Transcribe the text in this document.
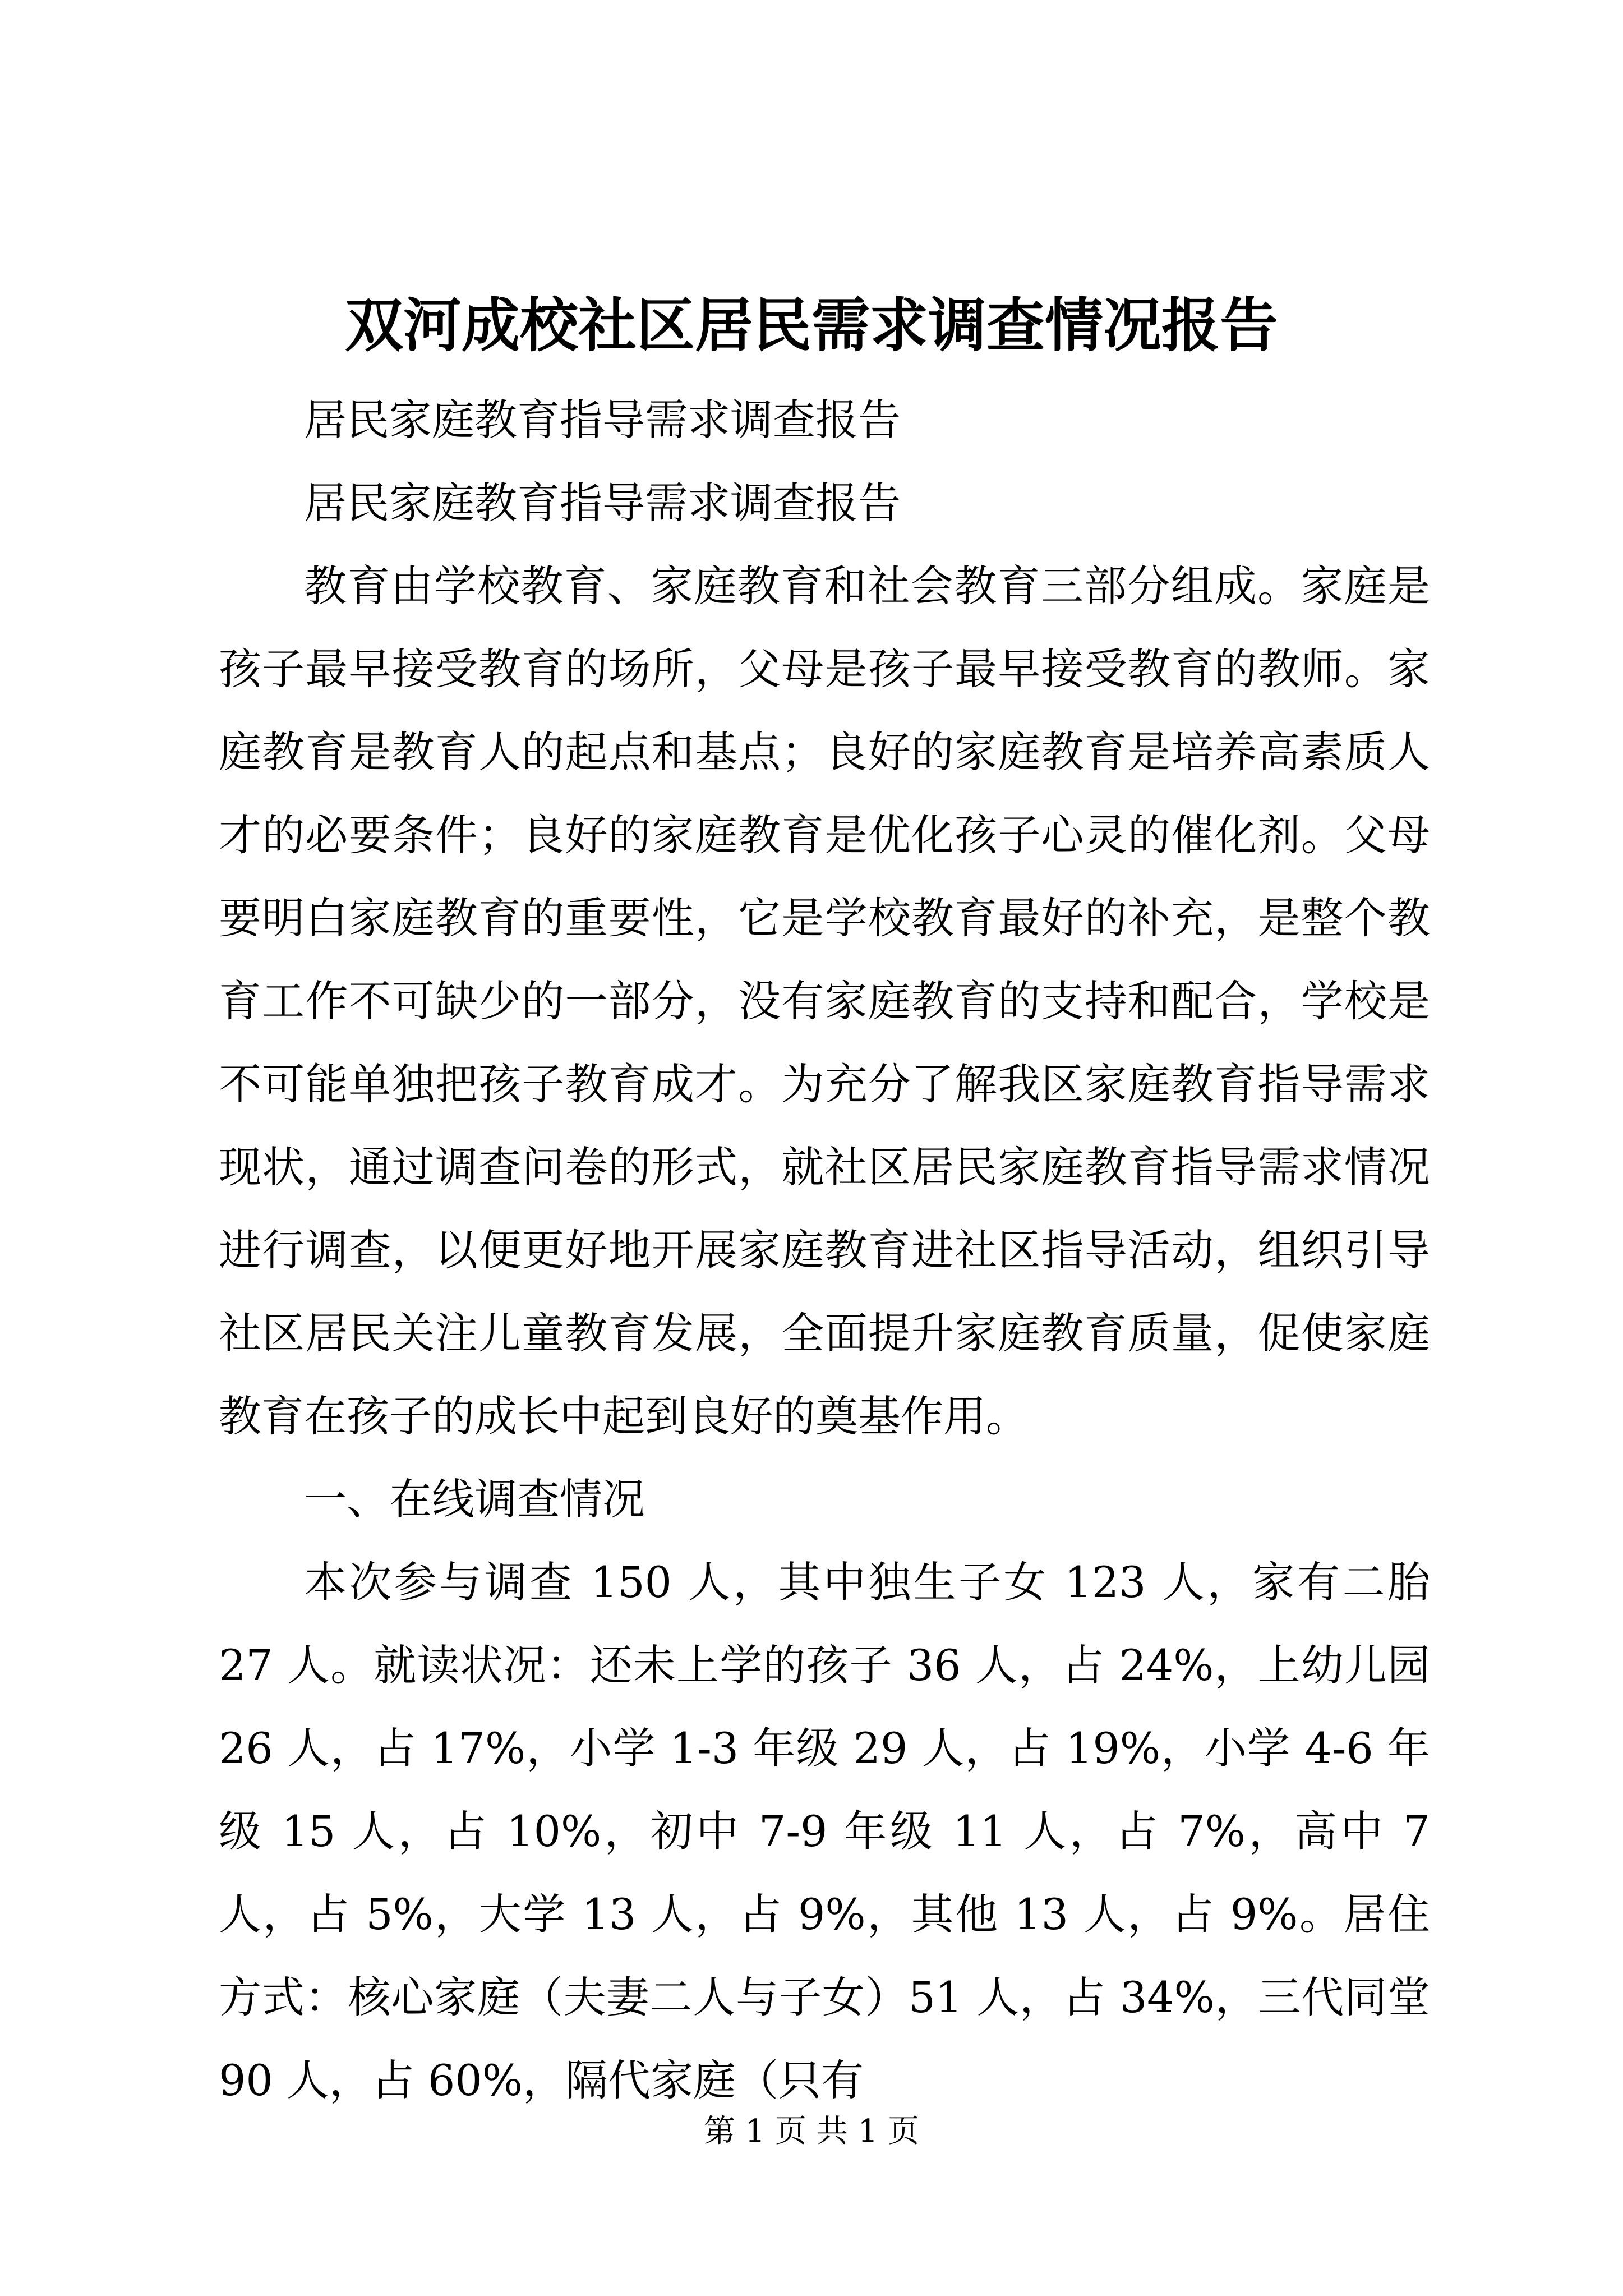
双河成校社区居民需求调查情况报告

居民家庭教育指导需求调查报告

居民家庭教育指导需求调查报告

教育由学校教育、家庭教育和社会教育三部分组成。家庭是孩子最早接受教育的场所，父母是孩子最早接受教育的教师。家庭教育是教育人的起点和基点；良好的家庭教育是培养高素质人才的必要条件；良好的家庭教育是优化孩子心灵的催化剂。父母要明白家庭教育的重要性，它是学校教育最好的补充，是整个教育工作不可缺少的一部分，没有家庭教育的支持和配合，学校是不可能单独把孩子教育成才。为充分了解我区家庭教育指导需求现状，通过调查问卷的形式，就社区居民家庭教育指导需求情况进行调查，以便更好地开展家庭教育进社区指导活动，组织引导社区居民关注儿童教育发展，全面提升家庭教育质量，促使家庭教育在孩子的成长中起到良好的奠基作用。

一、在线调查情况

本次参与调查 150 人，其中独生子女 123 人，家有二胎 27 人。就读状况：还未上学的孩子 36 人，占 24%，上幼儿园 26 人，占 17%，小学 1-3 年级 29 人，占 19%，小学 4-6 年级 15 人，占 10%，初中 7-9 年级 11 人，占 7%，高中 7 人，占 5%，大学 13 人，占 9%，其他 13 人，占 9%。居住方式：核心家庭（夫妻二人与子女）51 人，占 34%，三代同堂 90 人，占 60%，隔代家庭（只有

第 1 页 共 1 页
